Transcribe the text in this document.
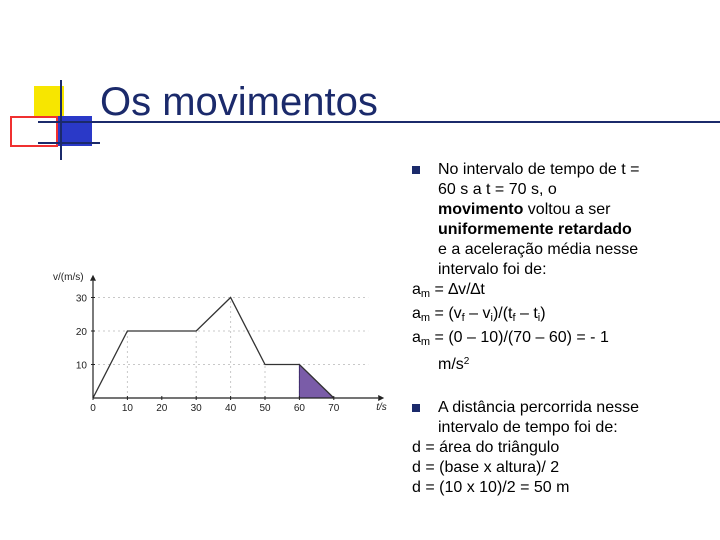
Os movimentos
v/(m/s)
t/s
0	10 20 30 40 50 60 70
10
20
30
No intervalo de tempo de t =
60 s a t = 70 s, o
movimento voltou a ser
uniformemente retardado
e a aceleração média nesse
intervalo foi de:
$a_m = \Delta v/\Delta t$
$a_m = (v_f - v_i)/(t_f - t_i)$
$a_m = (0 - 10)/(70 - 60)$ = - 1
$m/s^2$
A distância percorrida nesse
intervalo de tempo foi de:
d = área do triângulo
d = (base x altura)/ 2
d = (10 x 10)/2 = 50 m
